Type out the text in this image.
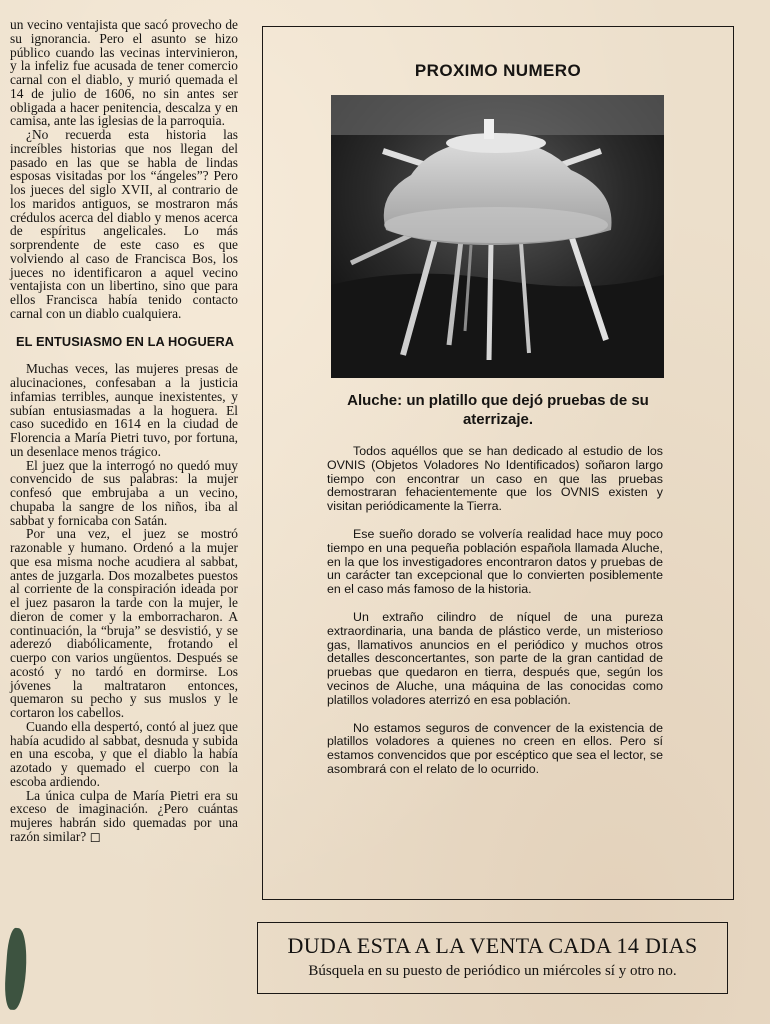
un vecino ventajista que sacó provecho de su ignorancia. Pero el asunto se hizo público cuando las vecinas intervinieron, y la infeliz fue acusada de tener comercio carnal con el diablo, y murió quemada el 14 de julio de 1606, no sin antes ser obligada a hacer penitencia, descalza y en camisa, ante las iglesias de la parroquia.

¿No recuerda esta historia las increíbles historias que nos llegan del pasado en las que se habla de lindas esposas visitadas por los “ángeles”? Pero los jueces del siglo XVII, al contrario de los maridos antiguos, se mostraron más crédulos acerca del diablo y menos acerca de espíritus angelicales. Lo más sorprendente de este caso es que volviendo al caso de Francisca Bos, los jueces no identificaron a aquel vecino ventajista con un libertino, sino que para ellos Francisca había tenido contacto carnal con un diablo cualquiera.

EL ENTUSIASMO EN LA HOGUERA

Muchas veces, las mujeres presas de alucinaciones, confesaban a la justicia infamias terribles, aunque inexistentes, y subían entusiasmadas a la hoguera. El caso sucedido en 1614 en la ciudad de Florencia a María Pietri tuvo, por fortuna, un desenlace menos trágico.

El juez que la interrogó no quedó muy convencido de sus palabras: la mujer confesó que embrujaba a un vecino, chupaba la sangre de los niños, iba al sabbat y fornicaba con Satán.

Por una vez, el juez se mostró razonable y humano. Ordenó a la mujer que esa misma noche acudiera al sabbat, antes de juzgarla. Dos mozalbetes puestos al corriente de la conspiración ideada por el juez pasaron la tarde con la mujer, le dieron de comer y la emborracharon. A continuación, la “bruja” se desvistió, y se aderezó diabólicamente, frotando el cuerpo con varios ungüentos. Después se acostó y no tardó en dormirse. Los jóvenes la maltrataron entonces, quemaron su pecho y sus muslos y le cortaron los cabellos.

Cuando ella despertó, contó al juez que había acudido al sabbat, desnuda y subida en una escoba, y que el diablo la había azotado y quemado el cuerpo con la escoba ardiendo.

La única culpa de María Pietri era su exceso de imaginación. ¿Pero cuántas mujeres habrán sido quemadas por una razón similar? ◻

PROXIMO NUMERO
Aluche: un platillo que dejó pruebas de su aterrizaje.

Todos aquéllos que se han dedicado al estudio de los OVNIS (Objetos Voladores No Identificados) soñaron largo tiempo con encontrar un caso en que las pruebas demostraran fehacientemente que los OVNIS existen y visitan periódicamente la Tierra.

Ese sueño dorado se volvería realidad hace muy poco tiempo en una pequeña población española llamada Aluche, en la que los investigadores encontraron datos y pruebas de un carácter tan excepcional que lo convierten posiblemente en el caso más famoso de la historia.

Un extraño cilindro de níquel de una pureza extraordinaria, una banda de plástico verde, un misterioso gas, llamativos anuncios en el periódico y muchos otros detalles desconcertantes, son parte de la gran cantidad de pruebas que quedaron en tierra, después que, según los vecinos de Aluche, una máquina de las conocidas como platillos voladores aterrizó en esa población.

No estamos seguros de convencer de la existencia de platillos voladores a quienes no creen en ellos. Pero sí estamos convencidos que por escéptico que sea el lector, se asombrará con el relato de lo ocurrido.

DUDA ESTA A LA VENTA CADA 14 DIAS
Búsquela en su puesto de periódico un miércoles sí y otro no.
